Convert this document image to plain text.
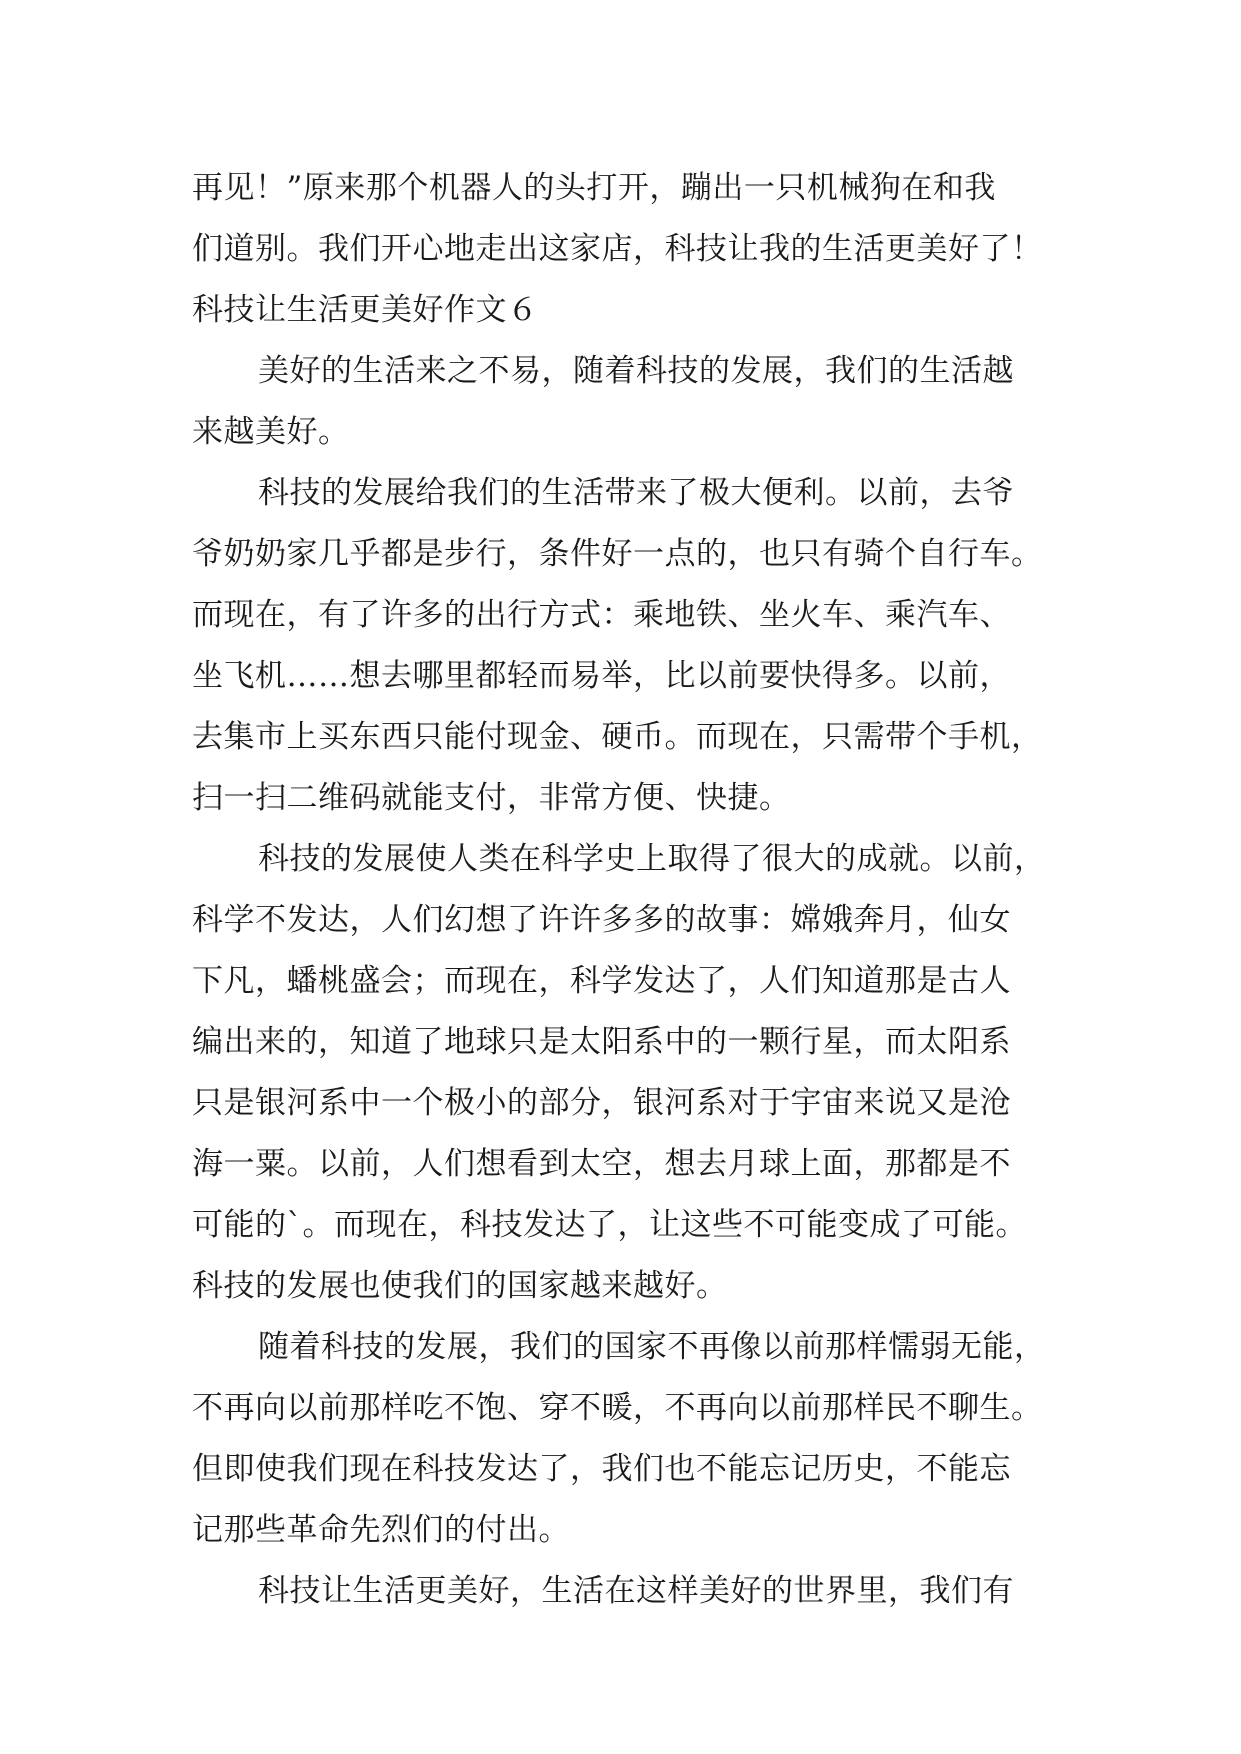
再见！”原来那个机器人的头打开，蹦出一只机械狗在和我
们道别。我们开心地走出这家店，科技让我的生活更美好了！
科技让生活更美好作文６
美好的生活来之不易，随着科技的发展，我们的生活越
来越美好。
科技的发展给我们的生活带来了极大便利。以前，去爷
爷奶奶家几乎都是步行，条件好一点的，也只有骑个自行车。
而现在，有了许多的出行方式：乘地铁、坐火车、乘汽车、
坐飞机……想去哪里都轻而易举，比以前要快得多。以前，
去集市上买东西只能付现金、硬币。而现在，只需带个手机，
扫一扫二维码就能支付，非常方便、快捷。
科技的发展使人类在科学史上取得了很大的成就。以前，
科学不发达，人们幻想了许许多多的故事：嫦娥奔月，仙女
下凡，蟠桃盛会；而现在，科学发达了，人们知道那是古人
编出来的，知道了地球只是太阳系中的一颗行星，而太阳系
只是银河系中一个极小的部分，银河系对于宇宙来说又是沧
海一粟。以前，人们想看到太空，想去月球上面，那都是不
可能的`。而现在，科技发达了，让这些不可能变成了可能。
科技的发展也使我们的国家越来越好。
随着科技的发展，我们的国家不再像以前那样懦弱无能，
不再向以前那样吃不饱、穿不暖，不再向以前那样民不聊生。
但即使我们现在科技发达了，我们也不能忘记历史，不能忘
记那些革命先烈们的付出。
科技让生活更美好，生活在这样美好的世界里，我们有
